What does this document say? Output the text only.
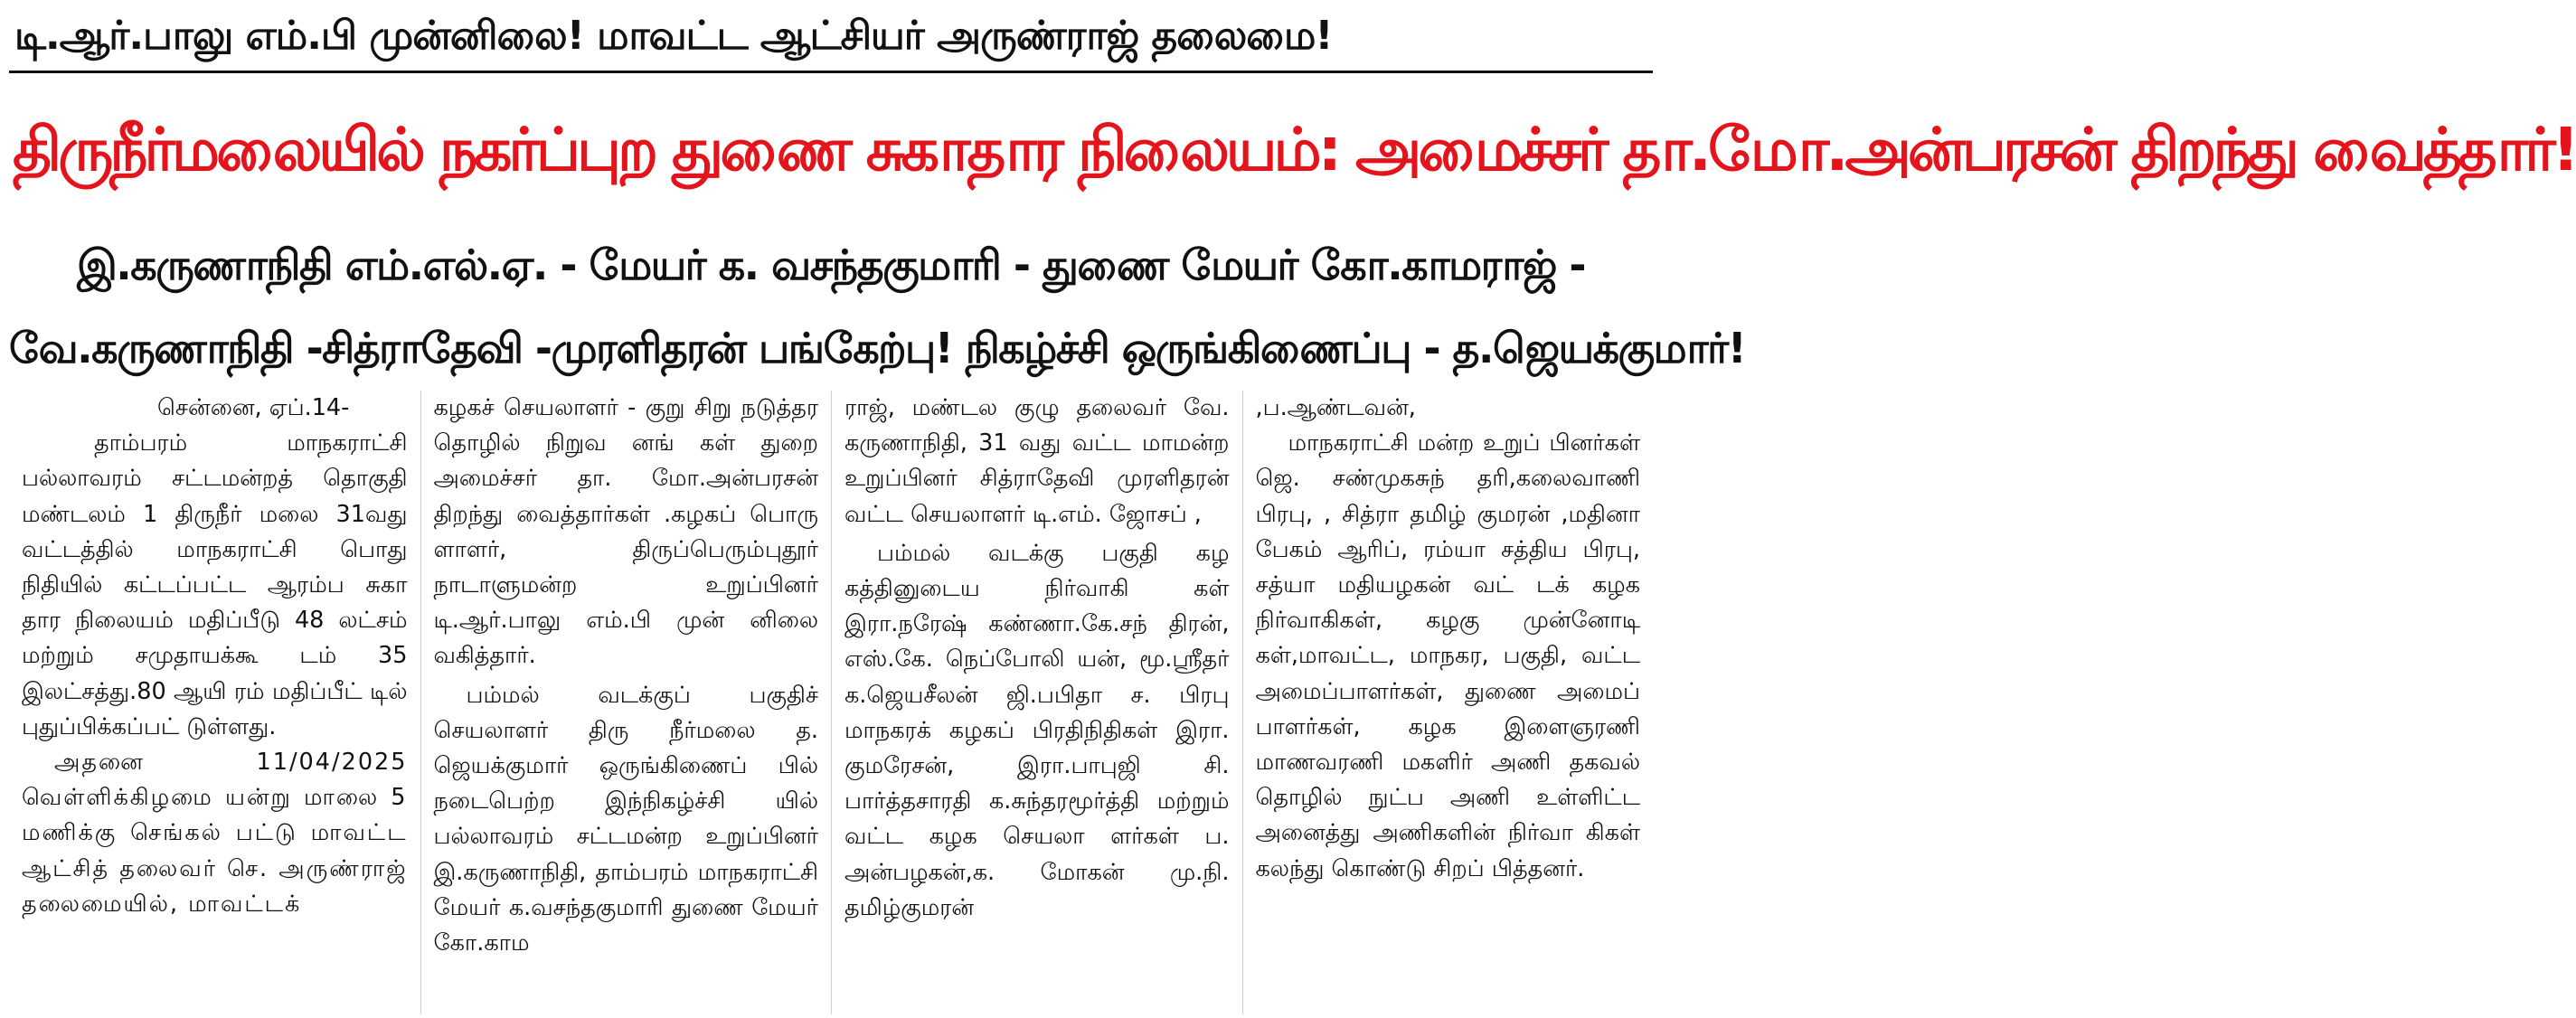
டி.ஆர்.பாலு எம்.பி முன்னிலை! மாவட்ட ஆட்சியர் அருண்ராஜ் தலைமை!
திருநீர்மலையில் நகர்ப்புற துணை சுகாதார நிலையம்: அமைச்சர் தா.மோ.அன்பரசன் திறந்து வைத்தார்!
இ.கருணாநிதி எம்.எல்.ஏ. - மேயர் க. வசந்தகுமாரி - துணை மேயர் கோ.காமராஜ் -
வே.கருணாநிதி -சித்ராதேவி -முரளிதரன் பங்கேற்பு! நிகழ்ச்சி ஒருங்கிணைப்பு - த.ஜெயக்குமார்!

சென்னை, ஏப்.14-

தாம்பரம் மாநகராட்சி பல்லாவரம் சட்டமன்றத் தொகுதி மண்டலம் 1 திருநீர் மலை 31வது வட்டத்தில் மாநகராட்சி பொது நிதியில் கட்டப்பட்ட ஆரம்ப சுகா தார நிலையம் மதிப்பீடு 48 லட்சம் மற்றும் சமுதாயக்கூ டம் 35 இலட்சத்து.80 ஆயி ரம் மதிப்பீட் டில் புதுப்பிக்கப்பட் டுள்ளது.

அதனை 11/04/2025 வெள்ளிக்கிழமை யன்று மாலை 5 மணிக்கு செங்கல் பட்டு மாவட்ட ஆட்சித் தலைவர் செ. அருண்ராஜ் தலைமையில், மாவட்டக்

கழகச் செயலாளர் - குறு சிறு நடுத்தர தொழில் நிறுவ னங் கள் துறை அமைச்சர் தா. மோ.அன்பரசன் திறந்து வைத்தார்கள் .கழகப் பொரு ளாளர், திருப்பெரும்புதூர் நாடாளுமன்ற உறுப்பினர் டி.ஆர்.பாலு எம்.பி முன் னிலை வகித்தார்.

பம்மல் வடக்குப் பகுதிச் செயலாளர் திரு நீர்மலை த. ஜெயக்குமார் ஒருங்கிணைப் பில் நடைபெற்ற இந்நிகழ்ச்சி யில் பல்லாவரம் சட்டமன்ற உறுப்பினர் இ.கருணாநிதி, தாம்பரம் மாநகராட்சி மேயர் க.வசந்தகுமாரி துணை மேயர் கோ.காம

ராஜ், மண்டல குழு தலைவர் வே. கருணாநிதி, 31 வது வட்ட மாமன்ற உறுப்பினர் சித்ராதேவி முரளிதரன் வட்ட செயலாளர் டி.எம். ஜோசப் ,

பம்மல் வடக்கு பகுதி கழ கத்தினுடைய நிர்வாகி கள் இரா.நரேஷ் கண்ணா.கே.சந் திரன், எஸ்.கே. நெப்போலி யன், மூ.ஸ்ரீதர் க.ஜெயசீலன் ஜி.பபிதா ச. பிரபு மாநகரக் கழகப் பிரதிநிதிகள் இரா. குமரேசன், இரா.பாபுஜி சி. பார்த்தசாரதி க.சுந்தரமூர்த்தி மற்றும் வட்ட கழக செயலா ளர்கள் ப. அன்பழகன்,க. மோகன் மு.நி. தமிழ்குமரன்

,ப.ஆண்டவன்,

மாநகராட்சி மன்ற உறுப் பினர்கள் ஜெ. சண்முகசுந் தரி,கலைவாணி பிரபு, , சித்ரா தமிழ் குமரன் ,மதினா பேகம் ஆரிப், ரம்யா சத்திய பிரபு, சத்யா மதியழகன் வட் டக் கழக நிர்வாகிகள், கழகு முன்னோடி கள்,மாவட்ட, மாநகர, பகுதி, வட்ட அமைப்பாளர்கள், துணை அமைப் பாளர்கள், கழக இளைஞரணி மாணவரணி மகளிர் அணி தகவல் தொழில் நுட்ப அணி உள்ளிட்ட அனைத்து அணிகளின் நிர்வா கிகள் கலந்து கொண்டு சிறப் பித்தனர்.
